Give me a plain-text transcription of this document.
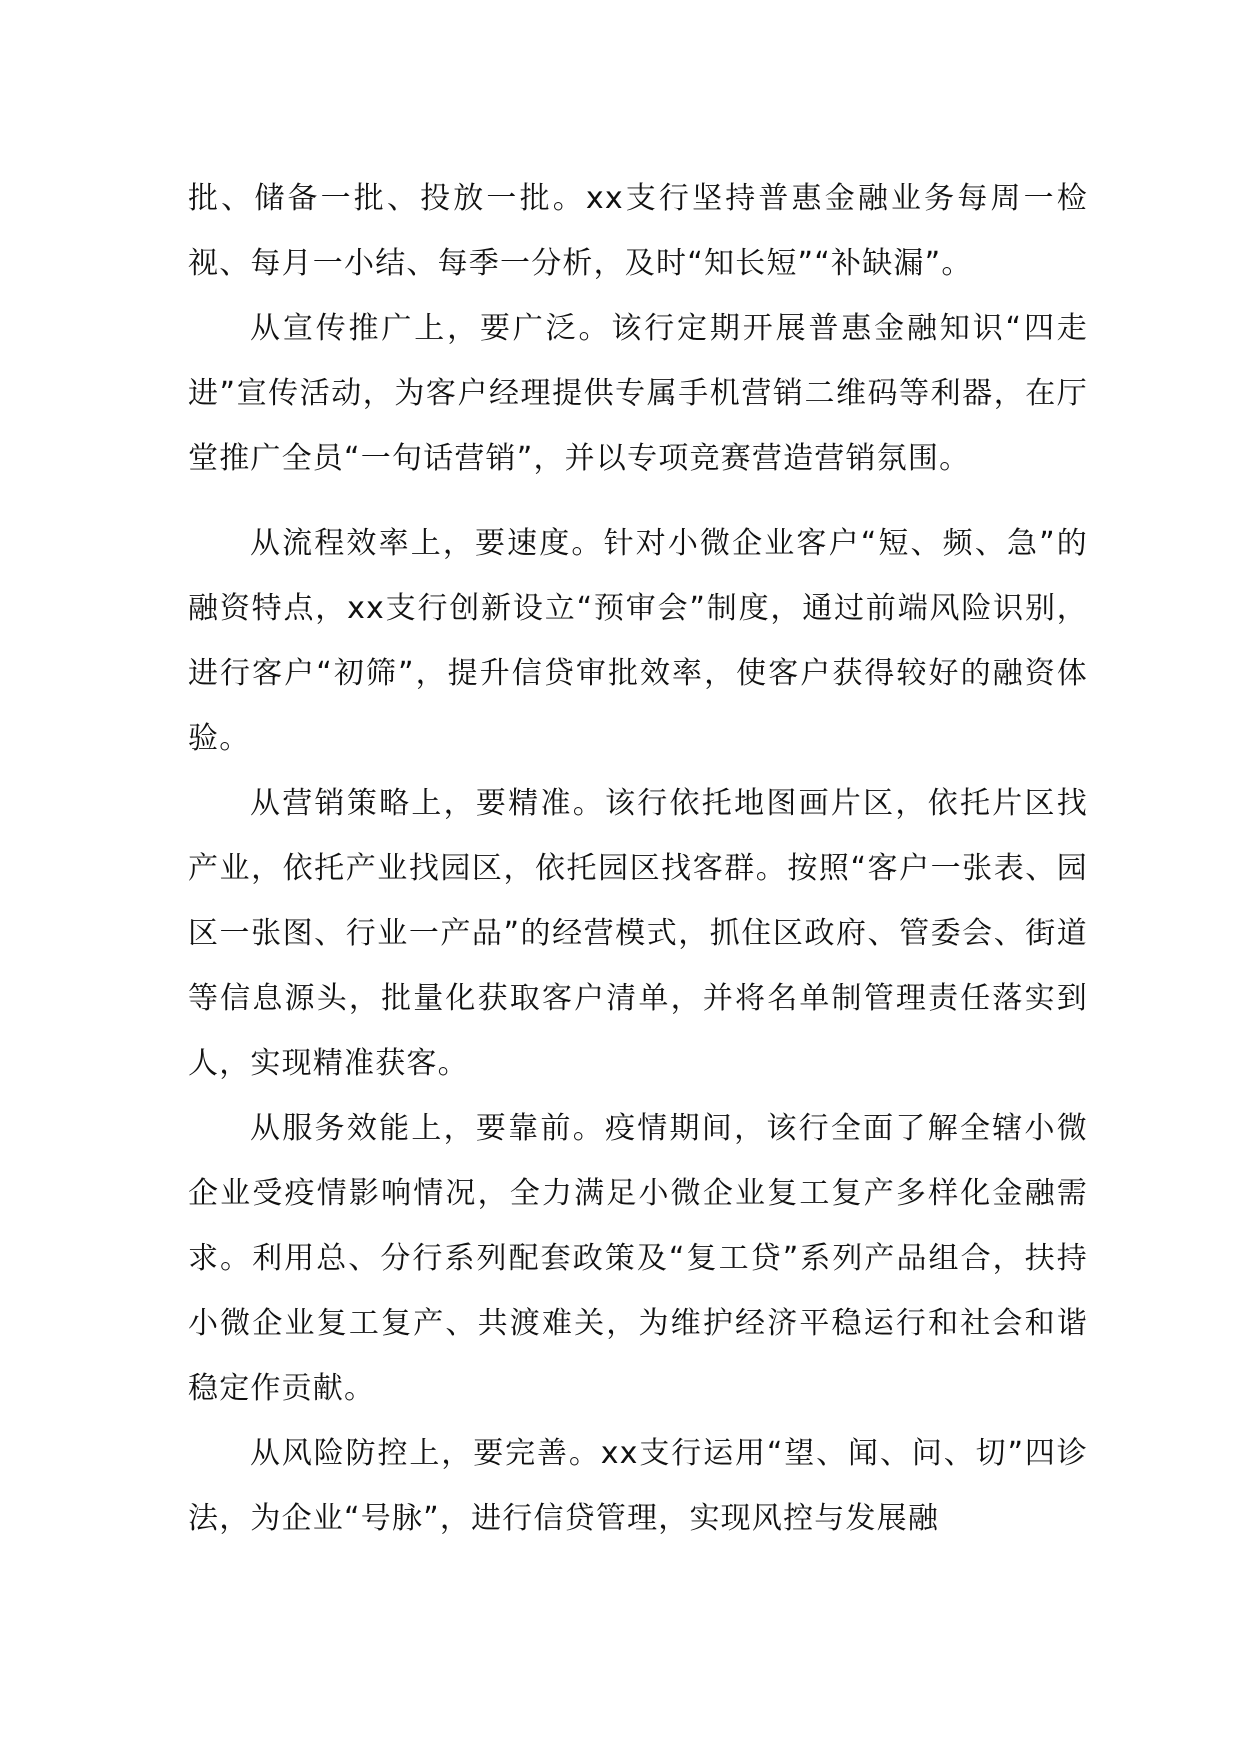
批、储备一批、投放一批。xx支行坚持普惠金融业务每周一检视、每月一小结、每季一分析，及时“知长短”“补缺漏”。

从宣传推广上，要广泛。该行定期开展普惠金融知识“四走进”宣传活动，为客户经理提供专属手机营销二维码等利器，在厅堂推广全员“一句话营销”，并以专项竞赛营造营销氛围。

从流程效率上，要速度。针对小微企业客户“短、频、急”的融资特点，xx支行创新设立“预审会”制度，通过前端风险识别，进行客户“初筛”，提升信贷审批效率，使客户获得较好的融资体验。

从营销策略上，要精准。该行依托地图画片区，依托片区找产业，依托产业找园区，依托园区找客群。按照“客户一张表、园区一张图、行业一产品”的经营模式，抓住区政府、管委会、街道等信息源头，批量化获取客户清单，并将名单制管理责任落实到人，实现精准获客。

从服务效能上，要靠前。疫情期间，该行全面了解全辖小微企业受疫情影响情况，全力满足小微企业复工复产多样化金融需求。利用总、分行系列配套政策及“复工贷”系列产品组合，扶持小微企业复工复产、共渡难关，为维护经济平稳运行和社会和谐稳定作贡献。

从风险防控上，要完善。xx支行运用“望、闻、问、切”四诊法，为企业“号脉”，进行信贷管理，实现风控与发展融
